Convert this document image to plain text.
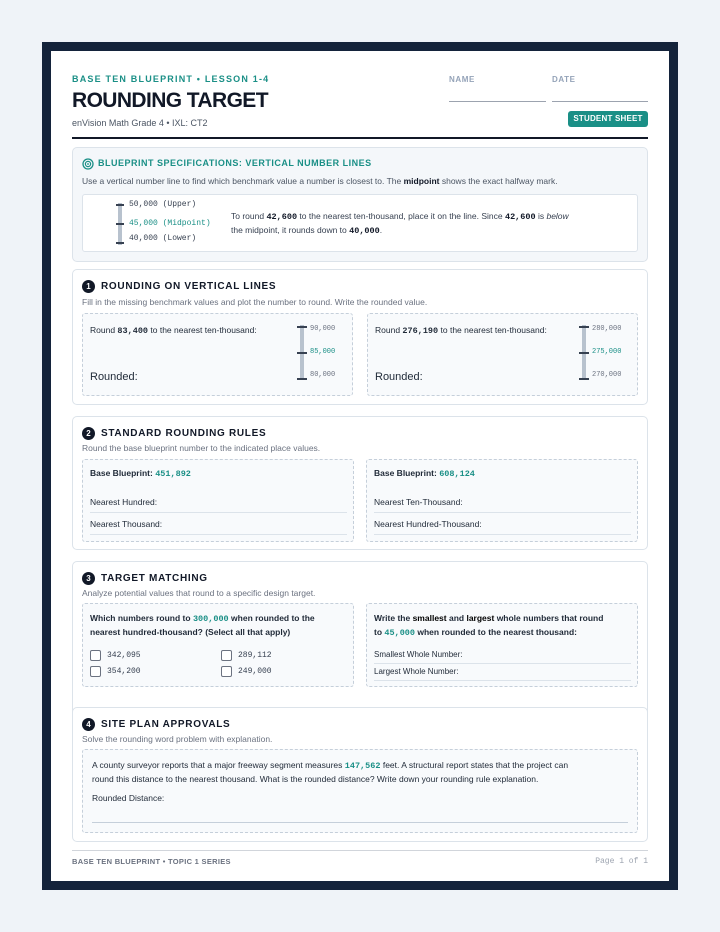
BASE TEN BLUEPRINT • LESSON 1-4
ROUNDING TARGET
enVision Math Grade 4 • IXL: CT2
NAME	DATE
STUDENT SHEET
BLUEPRINT SPECIFICATIONS: VERTICAL NUMBER LINES
Use a vertical number line to find which benchmark value a number is closest to. The midpoint shows the exact halfway mark.
50,000 (Upper)
45,000 (Midpoint)
40,000 (Lower)
To round 42,600 to the nearest ten-thousand, place it on the line. Since 42,600 is below
the midpoint, it rounds down to 40,000.
1	ROUNDING ON VERTICAL LINES
Fill in the missing benchmark values and plot the number to round. Write the rounded value.
Round 83,400 to the nearest ten-thousand:
Rounded:
90,000
85,000
80,000
Round 276,190 to the nearest ten-thousand:
Rounded:
280,000
275,000
270,000
2	STANDARD ROUNDING RULES
Round the base blueprint number to the indicated place values.
Base Blueprint: 451,892
Nearest Hundred:
Nearest Thousand:
Base Blueprint: 608,124
Nearest Ten-Thousand:
Nearest Hundred-Thousand:
3	TARGET MATCHING
Analyze potential values that round to a specific design target.
Which numbers round to 300,000 when rounded to the
nearest hundred-thousand? (Select all that apply)
342,095	289,112
354,200	249,000
Write the smallest and largest whole numbers that round
to 45,000 when rounded to the nearest thousand:
Smallest Whole Number:
Largest Whole Number:
4	SITE PLAN APPROVALS
Solve the rounding word problem with explanation.
A county surveyor reports that a major freeway segment measures 147,562 feet. A structural report states that the project can
round this distance to the nearest thousand. What is the rounded distance? Write down your rounding rule explanation.
Rounded Distance:
BASE TEN BLUEPRINT • TOPIC 1 SERIES	Page 1 of 1
